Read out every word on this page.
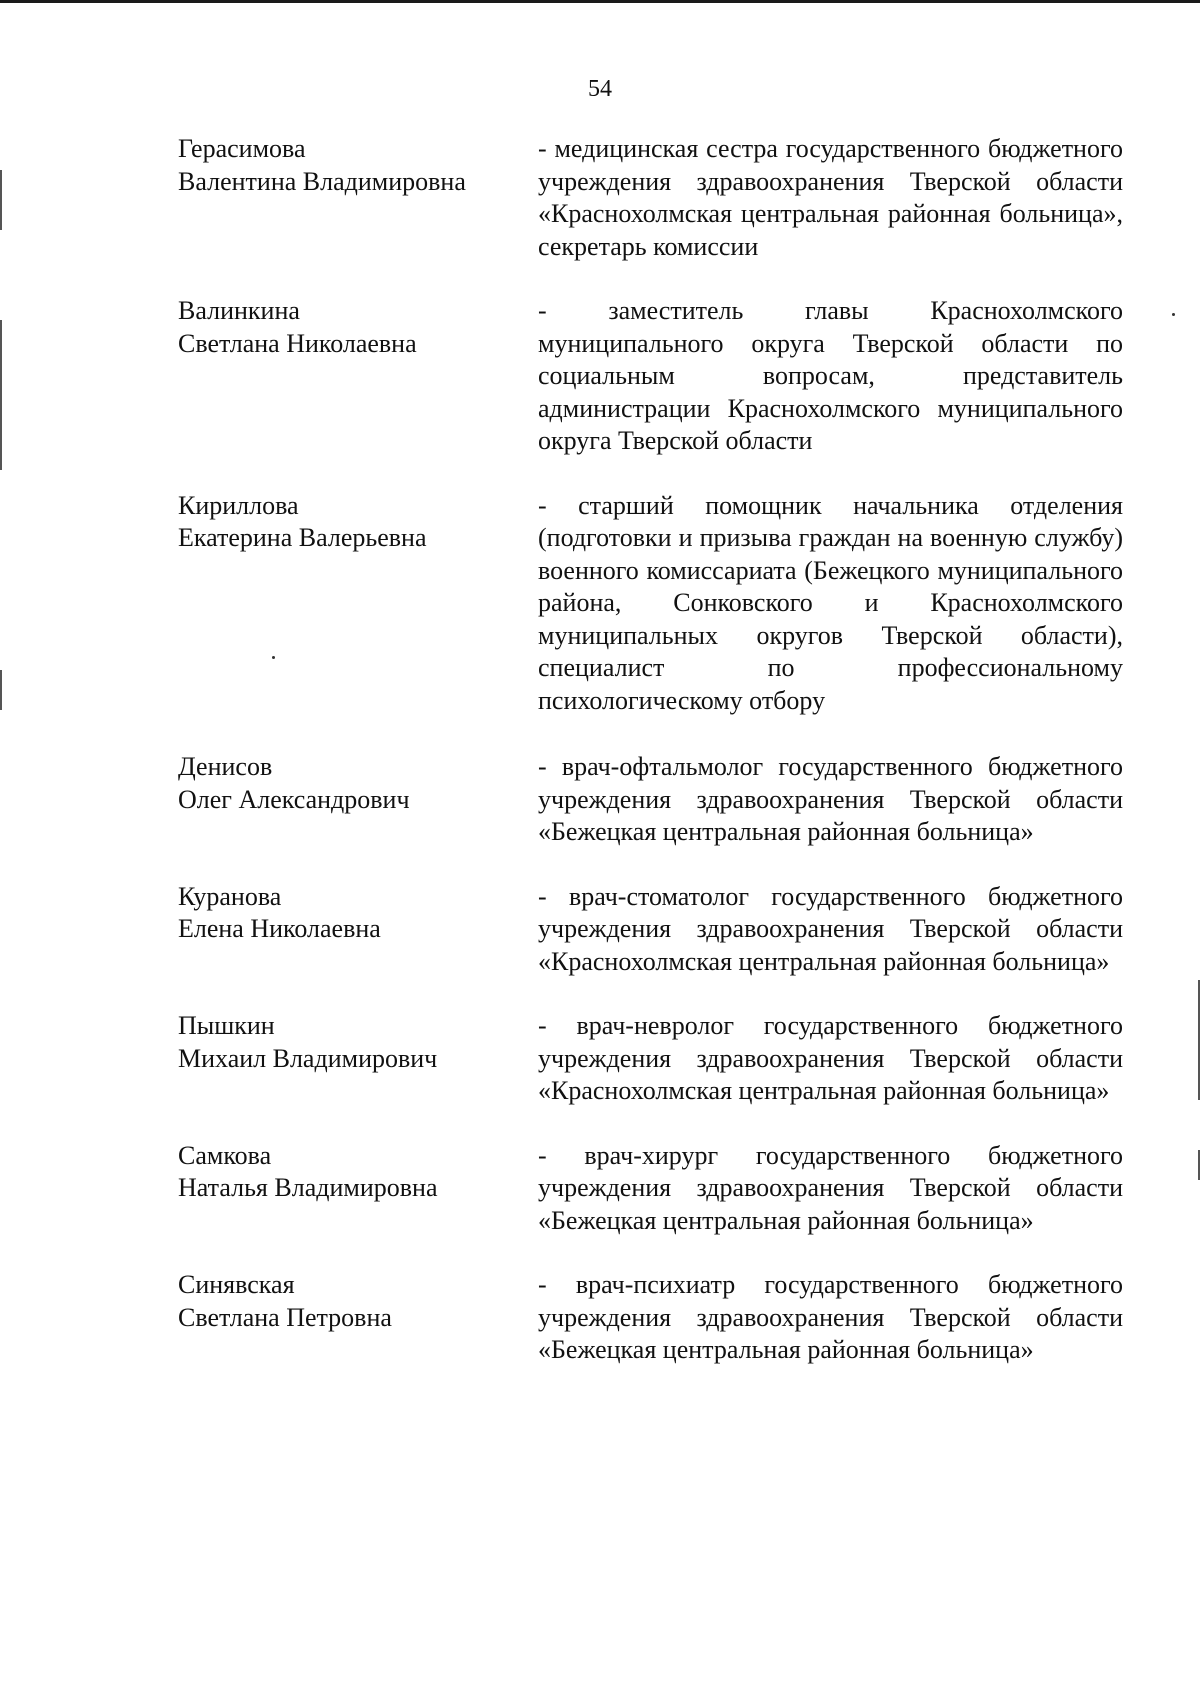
54
Герасимова
Валентина Владимировна
- медицинская сестра государственного бюджетного учреждения здравоохранения Тверской области «Краснохолмская центральная районная больница», секретарь комиссии
Валинкина
Светлана Николаевна
- заместитель главы Краснохолмского муниципального округа Тверской области по социальным вопросам, представитель администрации Краснохолмского муниципального округа Тверской области
Кириллова
Екатерина Валерьевна
- старший помощник начальника отделения (подготовки и призыва граждан на военную службу) военного комиссариата (Бежецкого муниципального района, Сонковского и Краснохолмского муниципальных округов Тверской области), специалист по профессиональному психологическому отбору
Денисов
Олег Александрович
- врач-офтальмолог государственного бюджетного учреждения здравоохранения Тверской области «Бежецкая центральная районная больница»
Куранова
Елена Николаевна
- врач-стоматолог государственного бюджетного учреждения здравоохранения Тверской области «Краснохолмская центральная районная больница»
Пышкин
Михаил Владимирович
- врач-невролог государственного бюджетного учреждения здравоохранения Тверской области «Краснохолмская центральная районная больница»
Самкова
Наталья Владимировна
- врач-хирург государственного бюджетного учреждения здравоохранения Тверской области «Бежецкая центральная районная больница»
Синявская
Светлана Петровна
- врач-психиатр государственного бюджетного учреждения здравоохранения Тверской области «Бежецкая центральная районная больница»
